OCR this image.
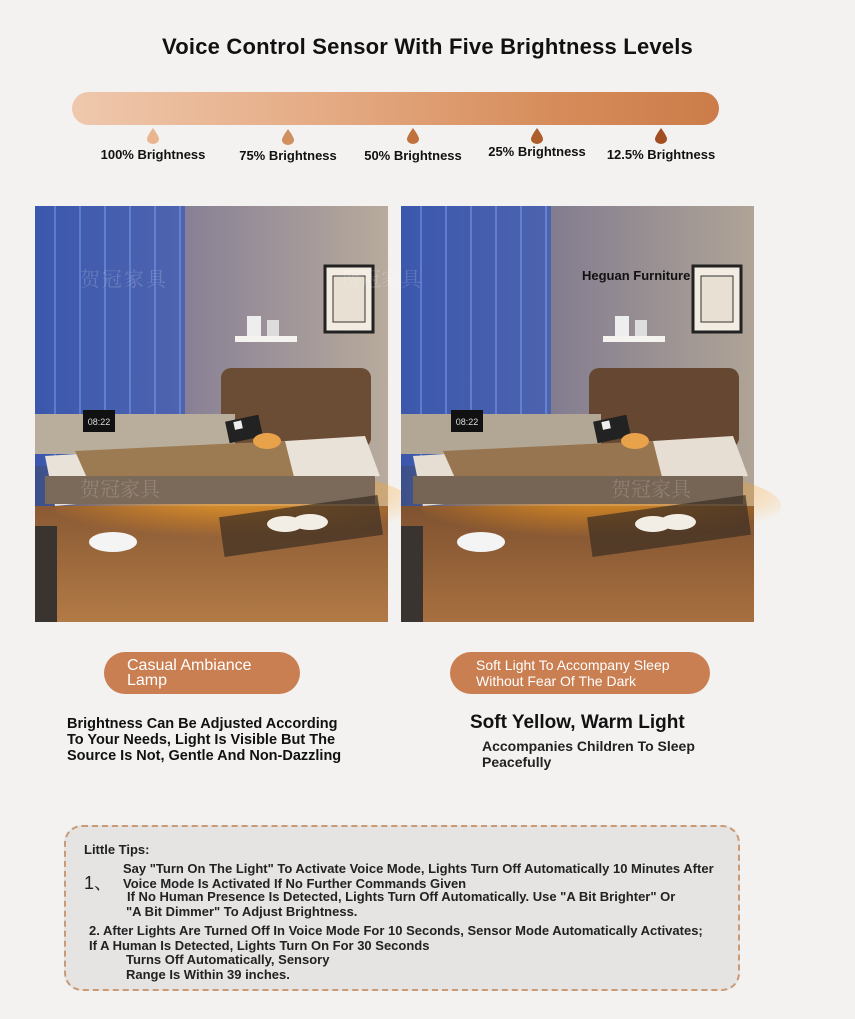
Voice Control Sensor With Five Brightness Levels
100% Brightness	75% Brightness 50% Brightness 25% Brightness 12.5% Brightness
08:22
贺冠家具
贺冠家具
08:22
贺冠家具
贺冠家具
Heguan Furniture
Casual Ambiance
Lamp
Brightness Can Be Adjusted According
To Your Needs, Light Is Visible But The
Source Is Not, Gentle And Non-Dazzling
Soft Light To Accompany Sleep
Without Fear Of The Dark
Soft Yellow, Warm Light
Accompanies Children To Sleep
Peacefully
Little Tips:
1、
Say "Turn On The Light" To Activate Voice Mode, Lights Turn Off Automatically 10 Minutes After
Voice Mode Is Activated If No Further Commands Given
If No Human Presence Is Detected, Lights Turn Off Automatically. Use "A Bit Brighter" Or
"A Bit Dimmer" To Adjust Brightness.
2. After Lights Are Turned Off In Voice Mode For 10 Seconds, Sensor Mode Automatically Activates;
If A Human Is Detected, Lights Turn On For 30 Seconds
Turns Off Automatically, Sensory
Range Is Within 39 inches.
